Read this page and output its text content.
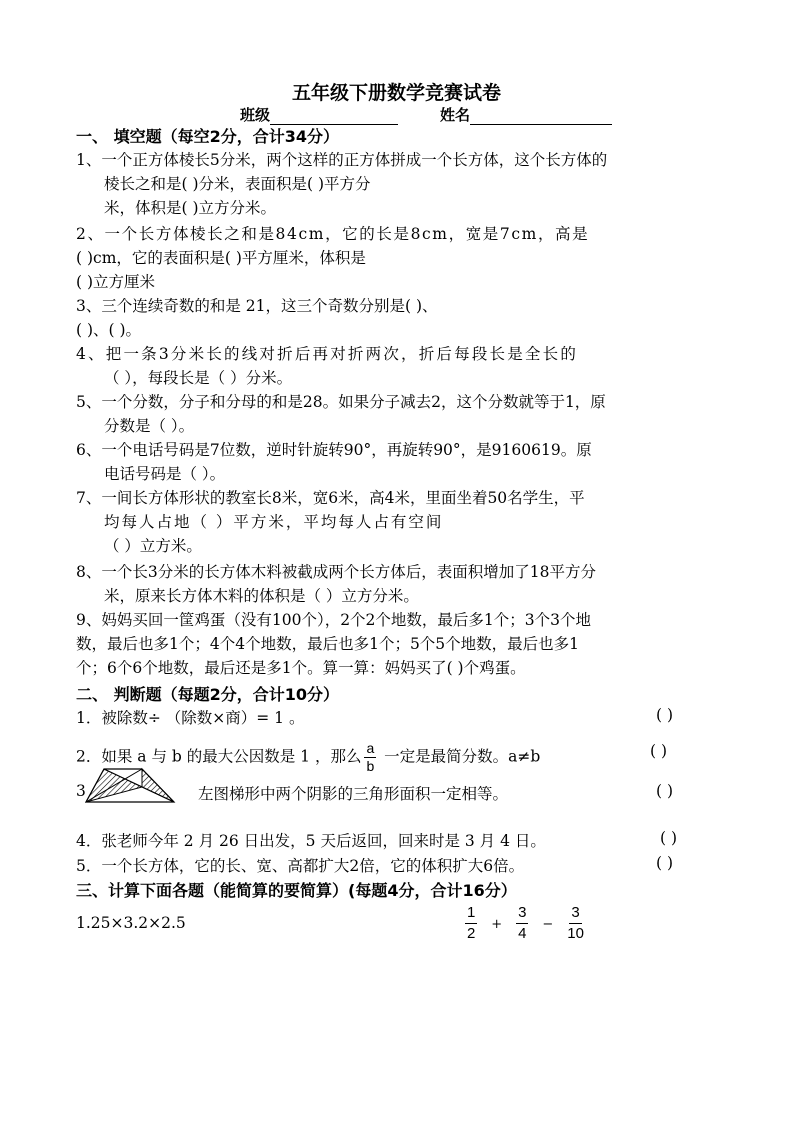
五年级下册数学竞赛试卷
班级	姓名
一、 填空题（每空2分，合计34分）
1、一个正方体棱长5分米，两个这样的正方体拼成一个长方体，这个长方体的
棱长之和是( )分米，表面积是( )平方分
米，体积是( )立方分米。
2、一个长方体棱长之和是84cm，它的长是8cm，宽是7cm，高是
( )cm，它的表面积是( )平方厘米，体积是
( )立方厘米
3、三个连续奇数的和是 21，这三个奇数分别是( )、
( )、( )。
4、把一条3分米长的线对折后再对折两次，折后每段长是全长的
（ ），每段长是（ ）分米。
5、一个分数，分子和分母的和是28。如果分子减去2，这个分数就等于1，原
分数是（ ）。
6、一个电话号码是7位数，逆时针旋转90°，再旋转90°，是9160619。原
电话号码是（ ）。
7、一间长方体形状的教室长8米，宽6米，高4米，里面坐着50名学生，平
均每人占地（ ）平方米，平均每人占有空间
（ ）立方米。
8、一个长3分米的长方体木料被截成两个长方体后，表面积增加了18平方分
米，原来长方体木料的体积是（ ）立方分米。
9、妈妈买回一筐鸡蛋（没有100个），2个2个地数，最后多1个；3个3个地
数，最后也多1个；4个4个地数，最后也多1个；5个5个地数，最后也多1
个；6个6个地数，最后还是多1个。算一算：妈妈买了( )个鸡蛋。
二、 判断题（每题2分，合计10分）
1．被除数÷ （除数×商）= 1 。	( )
2．如果 a 与 b 的最大公因数是 1 ，那么 $\frac{a}{b}$ 一定是最简分数。a≠b	( )
3	左图梯形中两个阴影的三角形面积一定相等。	( )
4．张老师今年 2 月 26 日出发，5 天后返回，回来时是 3 月 4 日。	( )
5．一个长方体，它的长、宽、高都扩大2倍，它的体积扩大6倍。	( )
三、计算下面各题（能简算的要简算）(每题4分，合计16分）
1.25×3.2×2.5	$\frac{1}{2} + \frac{3}{4} - \frac{3}{10}$
